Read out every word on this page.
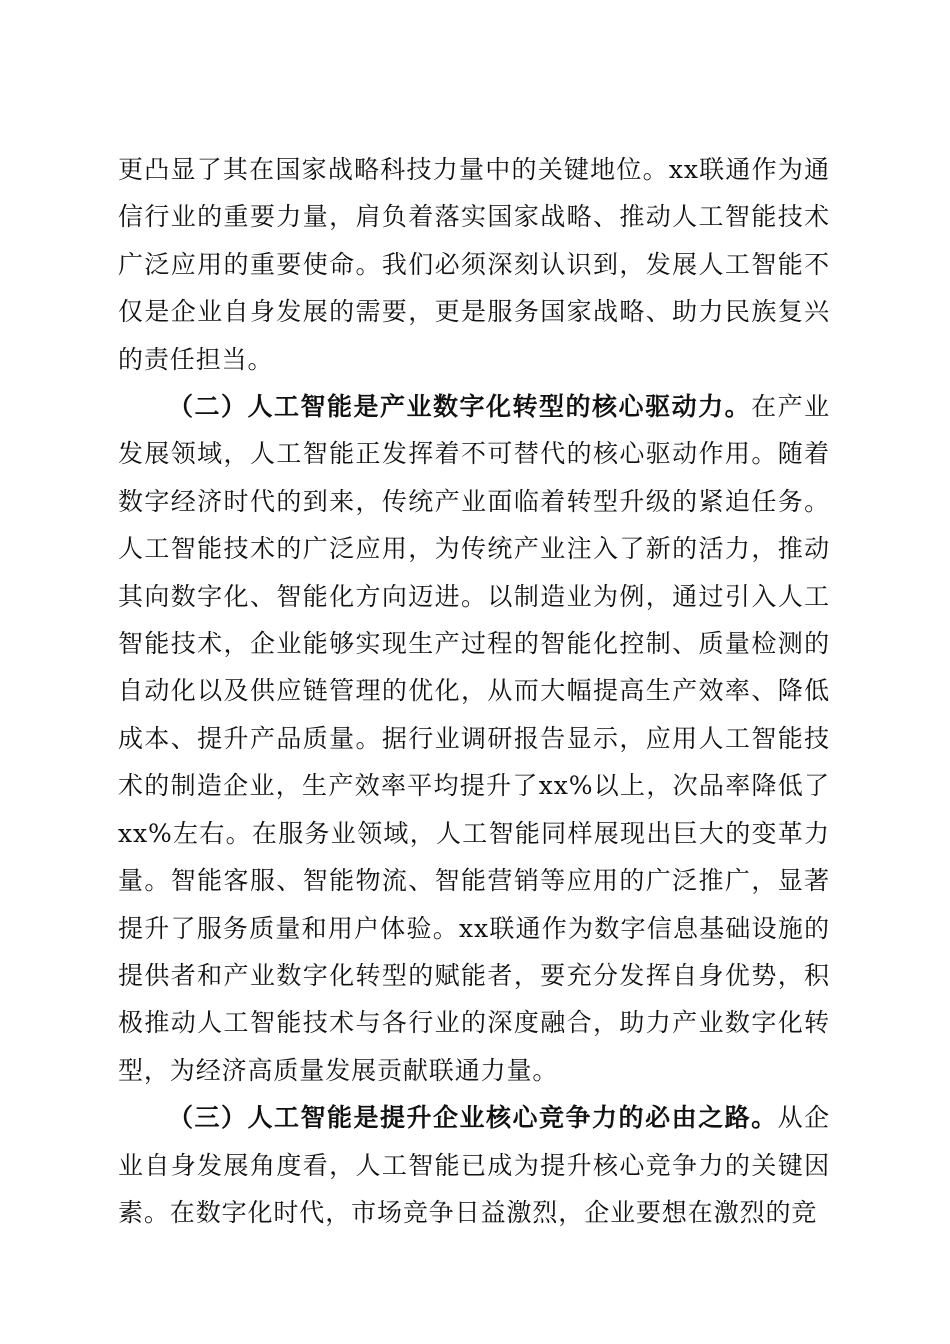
更凸显了其在国家战略科技力量中的关键地位。xx联通作为通信行业的重要力量，肩负着落实国家战略、推动人工智能技术广泛应用的重要使命。我们必须深刻认识到，发展人工智能不仅是企业自身发展的需要，更是服务国家战略、助力民族复兴的责任担当。

（二）人工智能是产业数字化转型的核心驱动力。在产业发展领域，人工智能正发挥着不可替代的核心驱动作用。随着数字经济时代的到来，传统产业面临着转型升级的紧迫任务。人工智能技术的广泛应用，为传统产业注入了新的活力，推动其向数字化、智能化方向迈进。以制造业为例，通过引入人工智能技术，企业能够实现生产过程的智能化控制、质量检测的自动化以及供应链管理的优化，从而大幅提高生产效率、降低成本、提升产品质量。据行业调研报告显示，应用人工智能技术的制造企业，生产效率平均提升了xx%以上，次品率降低了xx%左右。在服务业领域，人工智能同样展现出巨大的变革力量。智能客服、智能物流、智能营销等应用的广泛推广，显著提升了服务质量和用户体验。xx联通作为数字信息基础设施的提供者和产业数字化转型的赋能者，要充分发挥自身优势，积极推动人工智能技术与各行业的深度融合，助力产业数字化转型，为经济高质量发展贡献联通力量。

（三）人工智能是提升企业核心竞争力的必由之路。从企业自身发展角度看，人工智能已成为提升核心竞争力的关键因素。在数字化时代，市场竞争日益激烈，企业要想在激烈的竞
